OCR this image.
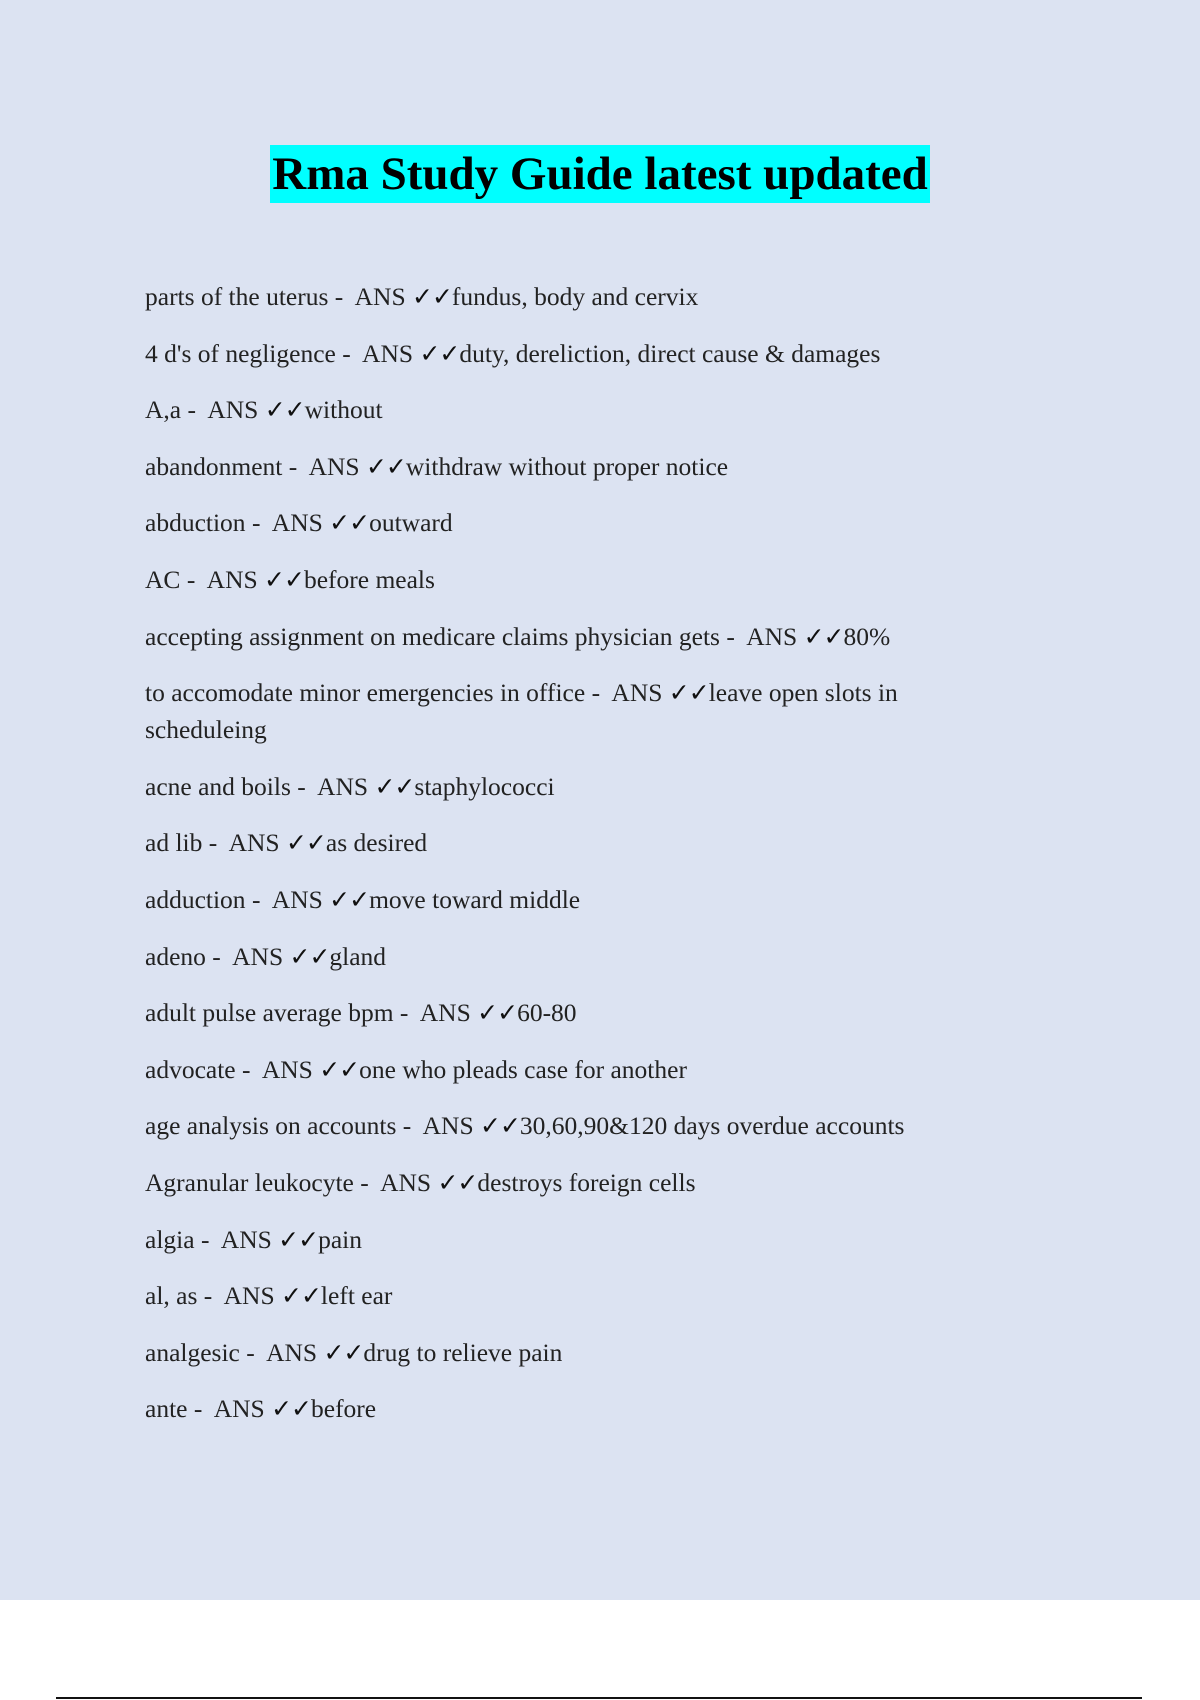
Rma Study Guide latest updated
parts of the uterus -  ANS ✓✓fundus, body and cervix
4 d's of negligence -  ANS ✓✓duty, dereliction, direct cause & damages
A,a -  ANS ✓✓without
abandonment -  ANS ✓✓withdraw without proper notice
abduction -  ANS ✓✓outward
AC -  ANS ✓✓before meals
accepting assignment on medicare claims physician gets -  ANS ✓✓80%
to accomodate minor emergencies in office -  ANS ✓✓leave open slots in scheduleing
acne and boils -  ANS ✓✓staphylococci
ad lib -  ANS ✓✓as desired
adduction -  ANS ✓✓move toward middle
adeno -  ANS ✓✓gland
adult pulse average bpm -  ANS ✓✓60-80
advocate -  ANS ✓✓one who pleads case for another
age analysis on accounts -  ANS ✓✓30,60,90&120 days overdue accounts
Agranular leukocyte -  ANS ✓✓destroys foreign cells
algia -  ANS ✓✓pain
al, as -  ANS ✓✓left ear
analgesic -  ANS ✓✓drug to relieve pain
ante -  ANS ✓✓before
